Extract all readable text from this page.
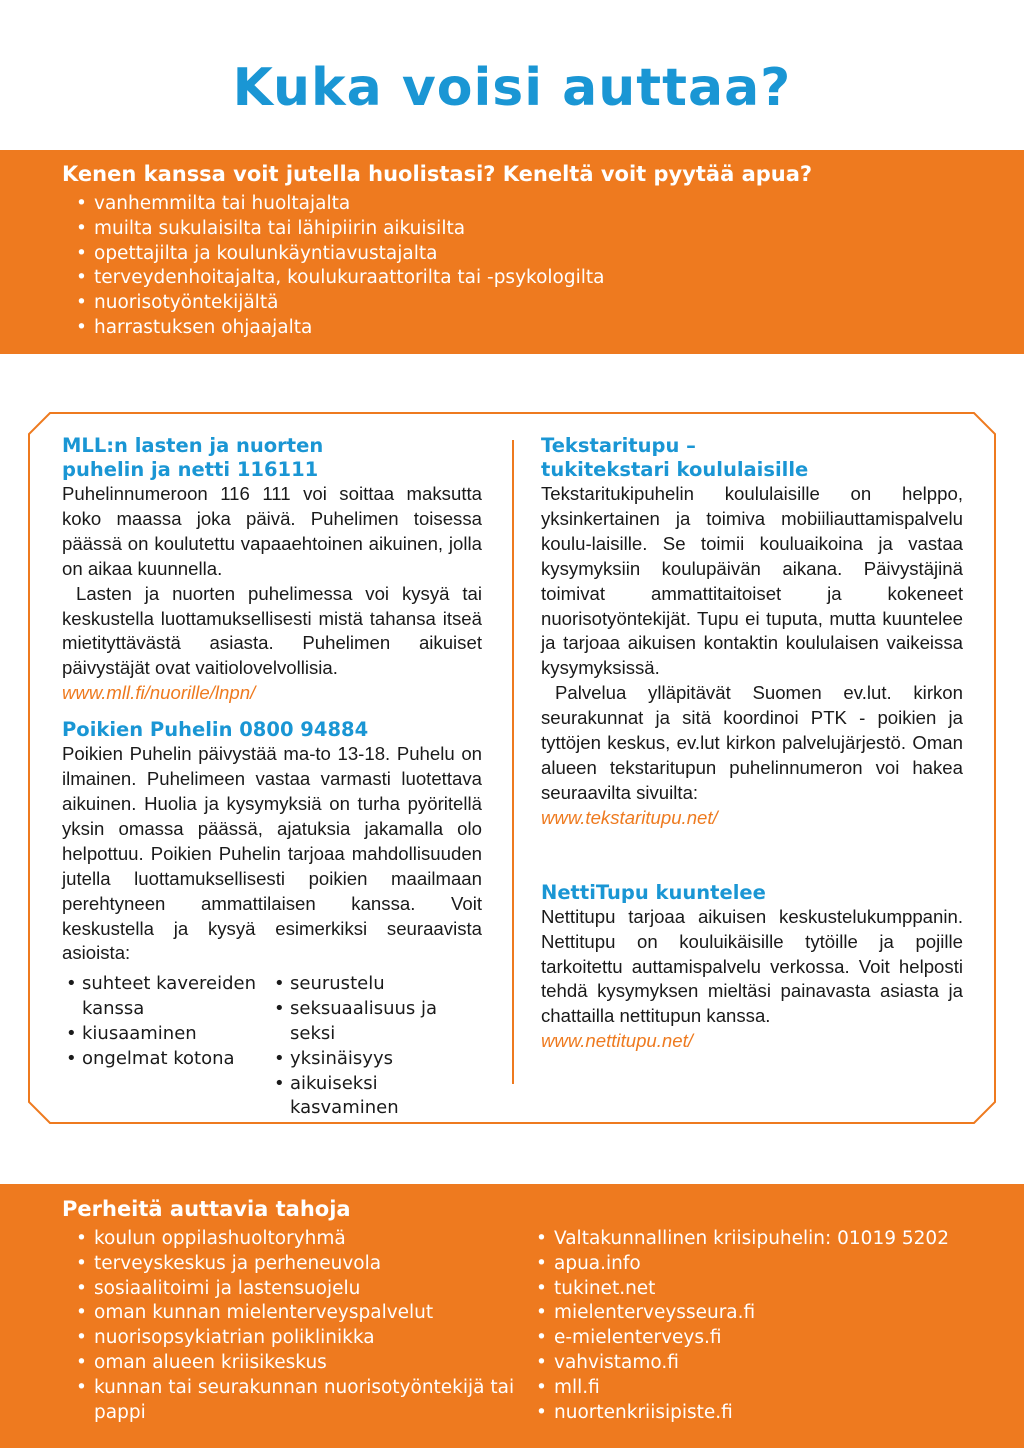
Kuka voisi auttaa?
Kenen kanssa voit jutella huolistasi? Keneltä voit pyytää apua?
• vanhemmilta tai huoltajalta
• muilta sukulaisilta tai lähipiirin aikuisilta
• opettajilta ja koulunkäyntiavustajalta
• terveydenhoitajalta, koulukuraattorilta tai -psykologilta
• nuorisotyöntekijältä
• harrastuksen ohjaajalta
MLL:n lasten ja nuorten
puhelin ja netti 116111

Puhelinnumeroon 116 111 voi soittaa maksutta koko maassa joka päivä. Puhelimen toisessa päässä on koulutettu vapaaehtoinen aikuinen, jolla on aikaa kuunnella.

Lasten ja nuorten puhelimessa voi kysyä tai keskustella luottamuksellisesti mistä tahansa itseä mietityttävästä asiasta. Puhelimen aikuiset päivystäjät ovat vaitiolovelvollisia.

www.mll.fi/nuorille/lnpn/

Poikien Puhelin 0800 94884

Poikien Puhelin päivystää ma-to 13-18. Puhelu on ilmainen. Puhelimeen vastaa varmasti luotettava aikuinen. Huolia ja kysymyksiä on turha pyöritellä yksin omassa päässä, ajatuksia jakamalla olo helpottuu. Poikien Puhelin tarjoaa mahdollisuuden jutella luottamuksellisesti poikien maailmaan perehtyneen ammattilaisen kanssa. Voit keskustella ja kysyä esimerkiksi seuraavista asioista:

• suhteet kavereiden kanssa
• kiusaaminen
• ongelmat kotona
• seurustelu
• seksuaalisuus ja seksi
• yksinäisyys
• aikuiseksi kasvaminen
Tekstaritupu –
tukitekstari koululaisille

Tekstaritukipuhelin koululaisille on helppo, yksinkertainen ja toimiva mobiiliauttamispalvelu koulu-laisille. Se toimii kouluaikoina ja vastaa kysymyksiin koulupäivän aikana. Päivystäjinä toimivat ammattitaitoiset ja kokeneet nuorisotyöntekijät. Tupu ei tuputa, mutta kuuntelee ja tarjoaa aikuisen kontaktin koululaisen vaikeissa kysymyksissä.

Palvelua ylläpitävät Suomen ev.lut. kirkon seurakunnat ja sitä koordinoi PTK - poikien ja tyttöjen keskus, ev.lut kirkon palvelujärjestö. Oman alueen tekstaritupun puhelinnumeron voi hakea seuraavilta sivuilta:

www.tekstaritupu.net/

NettiTupu kuuntelee

Nettitupu tarjoaa aikuisen keskustelukumppanin. Nettitupu on kouluikäisille tytöille ja pojille tarkoitettu auttamispalvelu verkossa. Voit helposti tehdä kysymyksen mieltäsi painavasta asiasta ja chattailla nettitupun kanssa.

www.nettitupu.net/

Perheitä auttavia tahoja
• koulun oppilashuoltoryhmä
• terveyskeskus ja perheneuvola
• sosiaalitoimi ja lastensuojelu
• oman kunnan mielenterveyspalvelut
• nuorisopsykiatrian poliklinikka
• oman alueen kriisikeskus
• kunnan tai seurakunnan nuorisotyöntekijä tai pappi
• Valtakunnallinen kriisipuhelin: 01019 5202
• apua.info
• tukinet.net
• mielenterveysseura.fi
• e-mielenterveys.fi
• vahvistamo.fi
• mll.fi
• nuortenkriisipiste.fi
